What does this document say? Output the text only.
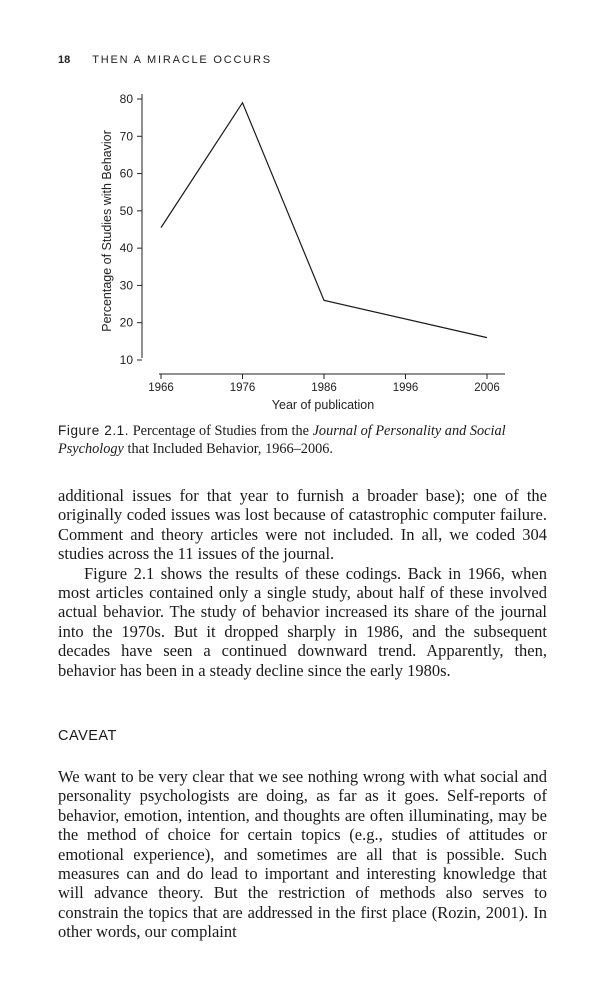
18 THEN A MIRACLE OCCURS
Percentage of Studies with Behavior
10
20
30
40
50
60
70
80
1966	1976	1986	1996	2006
Year of publication
Figure 2.1. Percentage of Studies from the Journal of Personality and Social Psychology that Included Behavior, 1966–2006.

additional issues for that year to furnish a broader base); one of the originally coded issues was lost because of catastrophic computer failure. Comment and theory articles were not included. In all, we coded 304 studies across the 11 issues of the journal.

Figure 2.1 shows the results of these codings. Back in 1966, when most articles contained only a single study, about half of these involved actual behavior. The study of behavior increased its share of the journal into the 1970s. But it dropped sharply in 1986, and the subsequent decades have seen a continued downward trend. Apparently, then, behavior has been in a steady decline since the early 1980s.

CAVEAT

We want to be very clear that we see nothing wrong with what social and personality psychologists are doing, as far as it goes. Self-reports of behavior, emotion, intention, and thoughts are often illuminating, may be the method of choice for certain topics (e.g., studies of attitudes or emotional experience), and sometimes are all that is possible. Such measures can and do lead to important and interesting knowledge that will advance theory. But the restriction of methods also serves to constrain the topics that are addressed in the first place (Rozin, 2001). In other words, our complaint
